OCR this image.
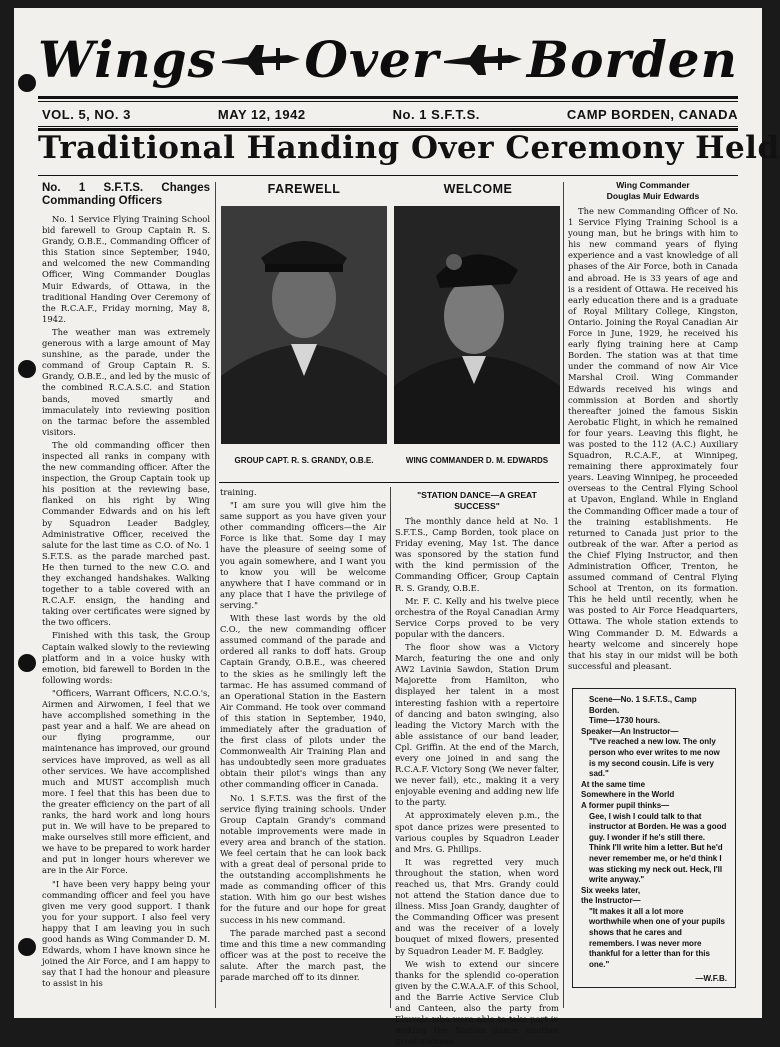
Wings Over Borden
VOL. 5, NO. 3	MAY 12, 1942	No. 1 S.F.T.S.	CAMP BORDEN, CANADA
Traditional Handing Over Ceremony Held
No. 1 S.F.T.S. Changes Commanding Officers

No. 1 Service Flying Training School bid farewell to Group Captain R. S. Grandy, O.B.E., Commanding Officer of this Station since September, 1940, and welcomed the new Commanding Officer, Wing Commander Douglas Muir Edwards, of Ottawa, in the traditional Handing Over Ceremony of the R.C.A.F., Friday morning, May 8, 1942.

The weather man was extremely generous with a large amount of May sunshine, as the parade, under the command of Group Captain R. S. Grandy, O.B.E., and led by the music of the combined R.C.A.S.C. and Station bands, moved smartly and immaculately into reviewing position on the tarmac before the assembled visitors.

The old commanding officer then inspected all ranks in company with the new commanding officer. After the inspection, the Group Captain took up his position at the reviewing base, flanked on his right by Wing Commander Edwards and on his left by Squadron Leader Badgley, Administrative Officer, received the salute for the last time as C.O. of No. 1 S.F.T.S. as the parade marched past. He then turned to the new C.O. and they exchanged handshakes. Walking together to a table covered with an R.C.A.F. ensign, the handing and taking over certificates were signed by the two officers.

Finished with this task, the Group Captain walked slowly to the reviewing platform and in a voice husky with emotion, bid farewell to Borden in the following words:

"Officers, Warrant Officers, N.C.O.'s, Airmen and Airwomen, I feel that we have accomplished something in the past year and a half. We are ahead on our flying programme, our maintenance has improved, our ground services have improved, as well as all other services. We have accomplished much and MUST accomplish much more. I feel that this has been due to the greater efficiency on the part of all ranks, the hard work and long hours put in. We will have to be prepared to make ourselves still more efficient, and we have to be prepared to work harder and put in longer hours wherever we are in the Air Force.

"I have been very happy being your commanding officer and feel you have given me very good support. I thank you for your support. I also feel very happy that I am leaving you in such good hands as Wing Commander D. M. Edwards, whom I have known since he joined the Air Force, and I am happy to say that I had the honour and pleasure to assist in his

FAREWELL
GROUP CAPT. R. S. GRANDY, O.B.E.
WELCOME
WING COMMANDER D. M. EDWARDS

training.

"I am sure you will give him the same support as you have given your other commanding officers—the Air Force is like that. Some day I may have the pleasure of seeing some of you again somewhere, and I want you to know you will be welcome anywhere that I have command or in any place that I have the privilege of serving."

With these last words by the old C.O., the new commanding officer assumed command of the parade and ordered all ranks to doff hats. Group Captain Grandy, O.B.E., was cheered to the skies as he smilingly left the tarmac. He has assumed command of an Operational Station in the Eastern Air Command. He took over command of this station in September, 1940, immediately after the graduation of the first class of pilots under the Commonwealth Air Training Plan and has undoubtedly seen more graduates obtain their pilot's wings than any other commanding officer in Canada.

No. 1 S.F.T.S. was the first of the service flying training schools. Under Group Captain Grandy's command notable improvements were made in every area and branch of the station. We feel certain that he can look back with a great deal of personal pride to the outstanding accomplishments he made as commanding officer of this station. With him go our best wishes for the future and our hope for great success in his new command.

The parade marched past a second time and this time a new commanding officer was at the post to receive the salute. After the march past, the parade marched off to its dinner.

"STATION DANCE—A GREAT SUCCESS"

The monthly dance held at No. 1 S.F.T.S., Camp Borden, took place on Friday evening, May 1st. The dance was sponsored by the station fund with the kind permission of the Commanding Officer, Group Captain R. S. Grandy, O.B.E.

Mr. F. C. Kelly and his twelve piece orchestra of the Royal Canadian Army Service Corps proved to be very popular with the dancers.

The floor show was a Victory March, featuring the one and only AW2 Lavinia Sawdon, Station Drum Majorette from Hamilton, who displayed her talent in a most interesting fashion with a repertoire of dancing and baton swinging, also leading the Victory March with the able assistance of our band leader, Cpl. Griffin. At the end of the March, every one joined in and sang the R.C.A.F. Victory Song (We never falter, we never fail), etc., making it a very enjoyable evening and adding new life to the party.

At approximately eleven p.m., the spot dance prizes were presented to various couples by Squadron Leader and Mrs. G. Phillips.

It was regretted very much throughout the station, when word reached us, that Mrs. Grandy could not attend the Station dance due to illness. Miss Joan Grandy, daughter of the Commanding Officer was present and was the receiver of a lovely bouquet of mixed flowers, presented by Squadron Leader M. F. Badgley.

We wish to extend our sincere thanks for the splendid co-operation given by the C.W.A.A.F. of this School, and the Barrie Active Service Club and Canteen, also the party from Elmvale who were able to take part in making the Station dance another great success.

Wing Commander
Douglas Muir Edwards

The new Commanding Officer of No. 1 Service Flying Training School is a young man, but he brings with him to his new command years of flying experience and a vast knowledge of all phases of the Air Force, both in Canada and abroad. He is 33 years of age and is a resident of Ottawa. He received his early education there and is a graduate of Royal Military College, Kingston, Ontario. Joining the Royal Canadian Air Force in June, 1929, he received his early flying training here at Camp Borden. The station was at that time under the command of now Air Vice Marshal Croil. Wing Commander Edwards received his wings and commission at Borden and shortly thereafter joined the famous Siskin Aerobatic Flight, in which he remained for four years. Leaving this flight, he was posted to the 112 (A.C.) Auxiliary Squadron, R.C.A.F., at Winnipeg, remaining there approximately four years. Leaving Winnipeg, he proceeded overseas to the Central Flying School at Upavon, England. While in England the Commanding Officer made a tour of the training establishments. He returned to Canada just prior to the outbreak of the war. After a period as the Chief Flying Instructor, and then Administration Officer, Trenton, he assumed command of Central Flying School at Trenton, on its formation. This he held until recently, when he was posted to Air Force Headquarters, Ottawa. The whole station extends to Wing Commander D. M. Edwards a hearty welcome and sincerely hope that his stay in our midst will be both successful and pleasant.

Scene—No. 1 S.F.T.S., Camp Borden.

Time—1730 hours.

Speaker—An Instructor—

"I've reached a new low. The only person who ever writes to me now is my second cousin. Life is very sad."

At the same time

Somewhere in the World

A former pupil thinks—

Gee, I wish I could talk to that instructor at Borden. He was a good guy. I wonder if he's still there. Think I'll write him a letter. But he'd never remember me, or he'd think I was sticking my neck out. Heck, I'll write anyway."

Six weeks later,

the Instructor—

"It makes it all a lot more worthwhile when one of your pupils shows that he cares and remembers. I was never more thankful for a letter than for this one."

—W.F.B.
